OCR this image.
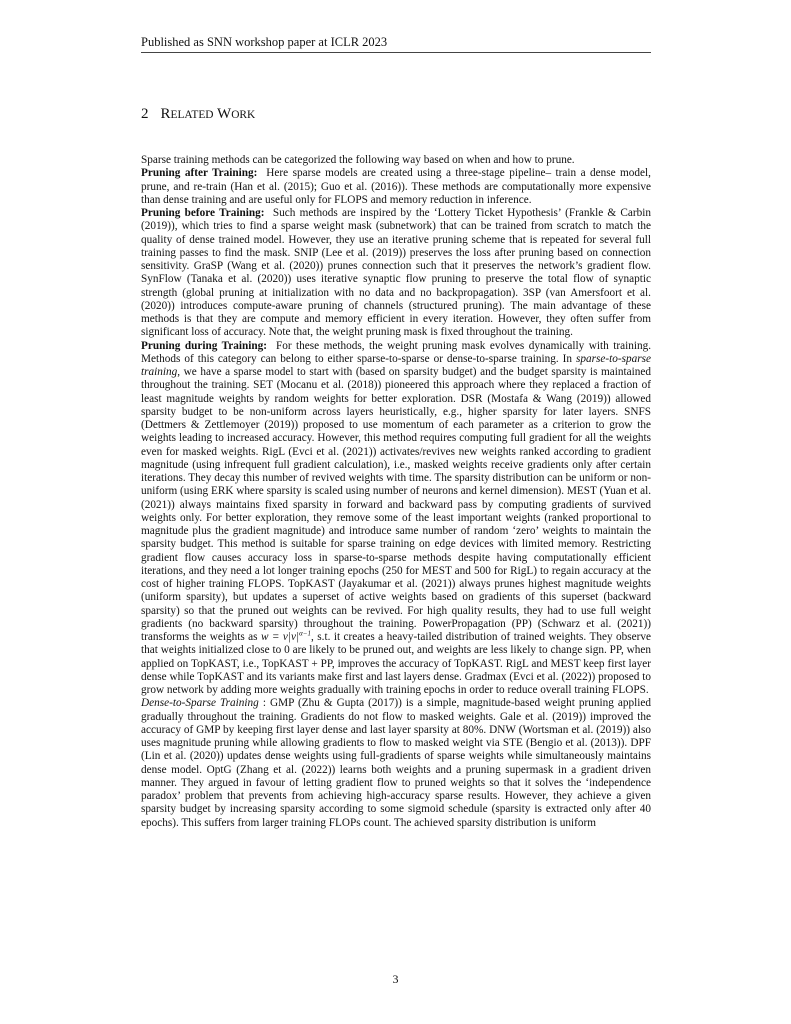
Published as SNN workshop paper at ICLR 2023
2 RELATED WORK

Sparse training methods can be categorized the following way based on when and how to prune.

Pruning after Training: Here sparse models are created using a three-stage pipeline– train a dense model, prune, and re-train (Han et al. (2015); Guo et al. (2016)). These methods are computationally more expensive than dense training and are useful only for FLOPS and memory reduction in inference.

Pruning before Training: Such methods are inspired by the ‘Lottery Ticket Hypothesis’ (Frankle & Carbin (2019)), which tries to find a sparse weight mask (subnetwork) that can be trained from scratch to match the quality of dense trained model. However, they use an iterative pruning scheme that is repeated for several full training passes to find the mask. SNIP (Lee et al. (2019)) preserves the loss after pruning based on connection sensitivity. GraSP (Wang et al. (2020)) prunes connection such that it preserves the network’s gradient flow. SynFlow (Tanaka et al. (2020)) uses iterative synaptic flow pruning to preserve the total flow of synaptic strength (global pruning at initialization with no data and no backpropagation). 3SP (van Amersfoort et al. (2020)) introduces compute-aware pruning of channels (structured pruning). The main advantage of these methods is that they are compute and memory efficient in every iteration. However, they often suffer from significant loss of accuracy. Note that, the weight pruning mask is fixed throughout the training.

Pruning during Training: For these methods, the weight pruning mask evolves dynamically with training. Methods of this category can belong to either sparse-to-sparse or dense-to-sparse training. In sparse-to-sparse training, we have a sparse model to start with (based on sparsity budget) and the budget sparsity is maintained throughout the training. SET (Mocanu et al. (2018)) pioneered this approach where they replaced a fraction of least magnitude weights by random weights for better exploration. DSR (Mostafa & Wang (2019)) allowed sparsity budget to be non-uniform across layers heuristically, e.g., higher sparsity for later layers. SNFS (Dettmers & Zettlemoyer (2019)) proposed to use momentum of each parameter as a criterion to grow the weights leading to increased accuracy. However, this method requires computing full gradient for all the weights even for masked weights. RigL (Evci et al. (2021)) activates/revives new weights ranked according to gradient magnitude (using infrequent full gradient calculation), i.e., masked weights receive gradients only after certain iterations. They decay this number of revived weights with time. The sparsity distribution can be uniform or non-uniform (using ERK where sparsity is scaled using number of neurons and kernel dimension). MEST (Yuan et al. (2021)) always maintains fixed sparsity in forward and backward pass by computing gradients of survived weights only. For better exploration, they remove some of the least important weights (ranked proportional to magnitude plus the gradient magnitude) and introduce same number of random ‘zero’ weights to maintain the sparsity budget. This method is suitable for sparse training on edge devices with limited memory. Restricting gradient flow causes accuracy loss in sparse-to-sparse methods despite having computationally efficient iterations, and they need a lot longer training epochs (250 for MEST and 500 for RigL) to regain accuracy at the cost of higher training FLOPS. TopKAST (Jayakumar et al. (2021)) always prunes highest magnitude weights (uniform sparsity), but updates a superset of active weights based on gradients of this superset (backward sparsity) so that the pruned out weights can be revived. For high quality results, they had to use full weight gradients (no backward sparsity) throughout the training. PowerPropagation (PP) (Schwarz et al. (2021)) transforms the weights as $w = v|v|^{\alpha-1}$, s.t. it creates a heavy-tailed distribution of trained weights. They observe that weights initialized close to 0 are likely to be pruned out, and weights are less likely to change sign. PP, when applied on TopKAST, i.e., TopKAST + PP, improves the accuracy of TopKAST. RigL and MEST keep first layer dense while TopKAST and its variants make first and last layers dense. Gradmax (Evci et al. (2022)) proposed to grow network by adding more weights gradually with training epochs in order to reduce overall training FLOPS.
Dense-to-Sparse Training : GMP (Zhu & Gupta (2017)) is a simple, magnitude-based weight pruning applied gradually throughout the training. Gradients do not flow to masked weights. Gale et al. (2019)) improved the accuracy of GMP by keeping first layer dense and last layer sparsity at 80%. DNW (Wortsman et al. (2019)) also uses magnitude pruning while allowing gradients to flow to masked weight via STE (Bengio et al. (2013)). DPF (Lin et al. (2020)) updates dense weights using full-gradients of sparse weights while simultaneously maintains dense model. OptG (Zhang et al. (2022)) learns both weights and a pruning supermask in a gradient driven manner. They argued in favour of letting gradient flow to pruned weights so that it solves the ‘independence paradox’ problem that prevents from achieving high-accuracy sparse results. However, they achieve a given sparsity budget by increasing sparsity according to some sigmoid schedule (sparsity is extracted only after 40 epochs). This suffers from larger training FLOPs count. The achieved sparsity distribution is uniform

3
